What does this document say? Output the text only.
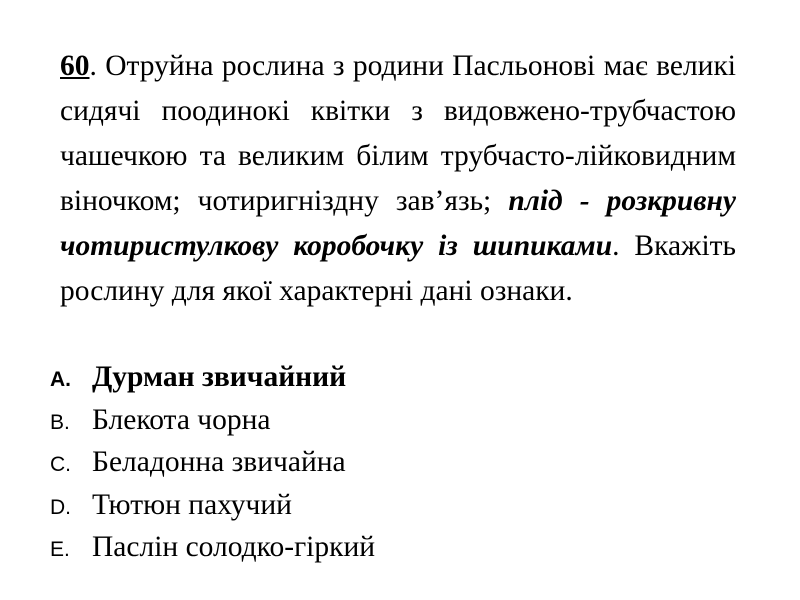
60. Отруйна рослина з родини Пасльонові має великі сидячі поодинокі квітки з видовжено-трубчастою чашечкою та великим білим трубчасто-лійковидним віночком; чотиригніздну зав’язь; плід - розкривну чотиристулкову коробочку із шипиками. Вкажіть рослину для якої характерні дані ознаки.

A. Дурман звичайний
B. Блекота чорна
C. Беладонна звичайна
D. Тютюн пахучий
E. Паслін солодко-гіркий
